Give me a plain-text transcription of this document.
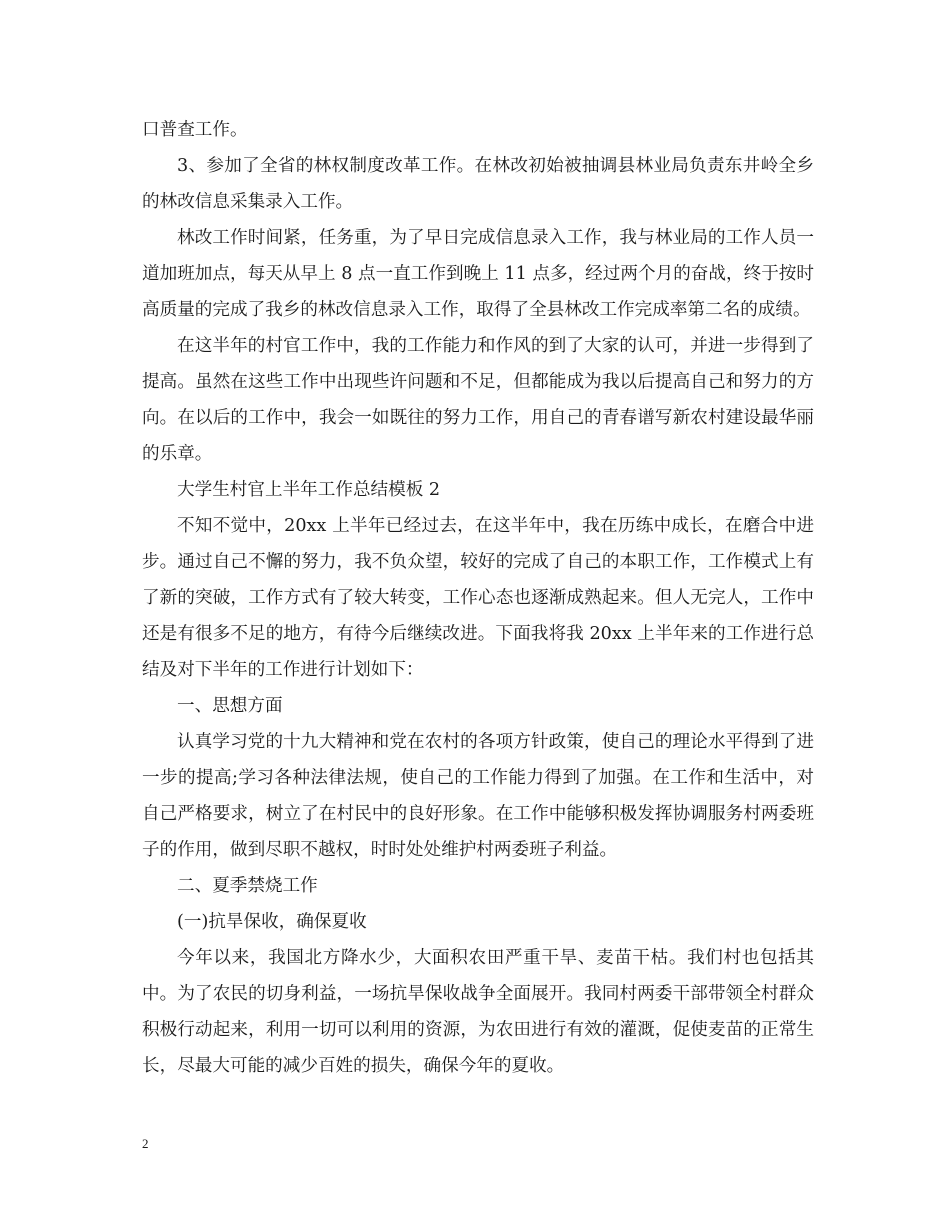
口普查工作。

3、参加了全省的林权制度改革工作。在林改初始被抽调县林业局负责东井岭全乡的林改信息采集录入工作。

林改工作时间紧，任务重，为了早日完成信息录入工作，我与林业局的工作人员一道加班加点，每天从早上 8 点一直工作到晚上 11 点多，经过两个月的奋战，终于按时高质量的完成了我乡的林改信息录入工作，取得了全县林改工作完成率第二名的成绩。

在这半年的村官工作中，我的工作能力和作风的到了大家的认可，并进一步得到了提高。虽然在这些工作中出现些许问题和不足，但都能成为我以后提高自己和努力的方向。在以后的工作中，我会一如既往的努力工作，用自己的青春谱写新农村建设最华丽的乐章。

大学生村官上半年工作总结模板 2

不知不觉中，20xx 上半年已经过去，在这半年中，我在历练中成长，在磨合中进步。通过自己不懈的努力，我不负众望，较好的完成了自己的本职工作，工作模式上有了新的突破，工作方式有了较大转变，工作心态也逐渐成熟起来。但人无完人，工作中还是有很多不足的地方，有待今后继续改进。下面我将我 20xx 上半年来的工作进行总结及对下半年的工作进行计划如下：

一、思想方面

认真学习党的十九大精神和党在农村的各项方针政策，使自己的理论水平得到了进一步的提高;学习各种法律法规，使自己的工作能力得到了加强。在工作和生活中，对自己严格要求，树立了在村民中的良好形象。在工作中能够积极发挥协调服务村两委班子的作用，做到尽职不越权，时时处处维护村两委班子利益。

二、夏季禁烧工作

(一)抗旱保收，确保夏收

今年以来，我国北方降水少，大面积农田严重干旱、麦苗干枯。我们村也包括其中。为了农民的切身利益，一场抗旱保收战争全面展开。我同村两委干部带领全村群众积极行动起来，利用一切可以利用的资源，为农田进行有效的灌溉，促使麦苗的正常生长，尽最大可能的减少百姓的损失，确保今年的夏收。

2
